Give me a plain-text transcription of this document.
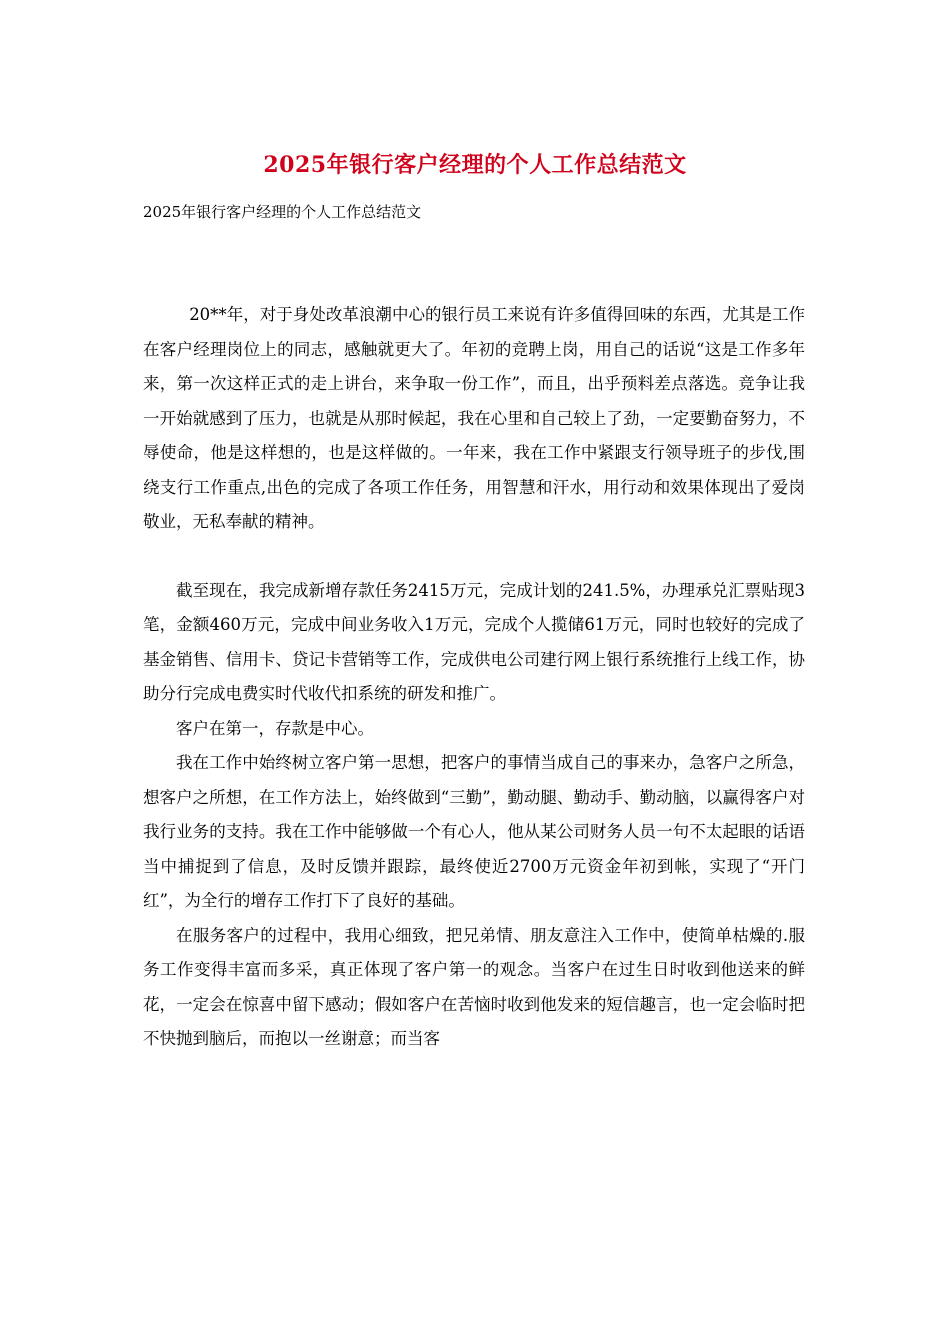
2025年银行客户经理的个人工作总结范文

2025年银行客户经理的个人工作总结范文

20**年，对于身处改革浪潮中心的银行员工来说有许多值得回味的东西，尤其是工作在客户经理岗位上的同志，感触就更大了。年初的竞聘上岗，用自己的话说“这是工作多年来，第一次这样正式的走上讲台，来争取一份工作”，而且，出乎预料差点落选。竞争让我一开始就感到了压力，也就是从那时候起，我在心里和自己较上了劲，一定要勤奋努力，不辱使命，他是这样想的，也是这样做的。一年来，我在工作中紧跟支行领导班子的步伐,围绕支行工作重点,出色的完成了各项工作任务，用智慧和汗水，用行动和效果体现出了爱岗敬业，无私奉献的精神。

截至现在，我完成新增存款任务2415万元，完成计划的241.5%，办理承兑汇票贴现3笔，金额460万元，完成中间业务收入1万元，完成个人揽储61万元，同时也较好的完成了基金销售、信用卡、贷记卡营销等工作，完成供电公司建行网上银行系统推行上线工作，协助分行完成电费实时代收代扣系统的研发和推广。

客户在第一，存款是中心。

我在工作中始终树立客户第一思想，把客户的事情当成自己的事来办，急客户之所急，想客户之所想，在工作方法上，始终做到“三勤”，勤动腿、勤动手、勤动脑，以赢得客户对我行业务的支持。我在工作中能够做一个有心人，他从某公司财务人员一句不太起眼的话语当中捕捉到了信息，及时反馈并跟踪，最终使近2700万元资金年初到帐，实现了“开门红”，为全行的增存工作打下了良好的基础。

在服务客户的过程中，我用心细致，把兄弟情、朋友意注入工作中，使简单枯燥的.服务工作变得丰富而多采，真正体现了客户第一的观念。当客户在过生日时收到他送来的鲜花，一定会在惊喜中留下感动；假如客户在苦恼时收到他发来的短信趣言，也一定会临时把不快抛到脑后，而抱以一丝谢意；而当客
